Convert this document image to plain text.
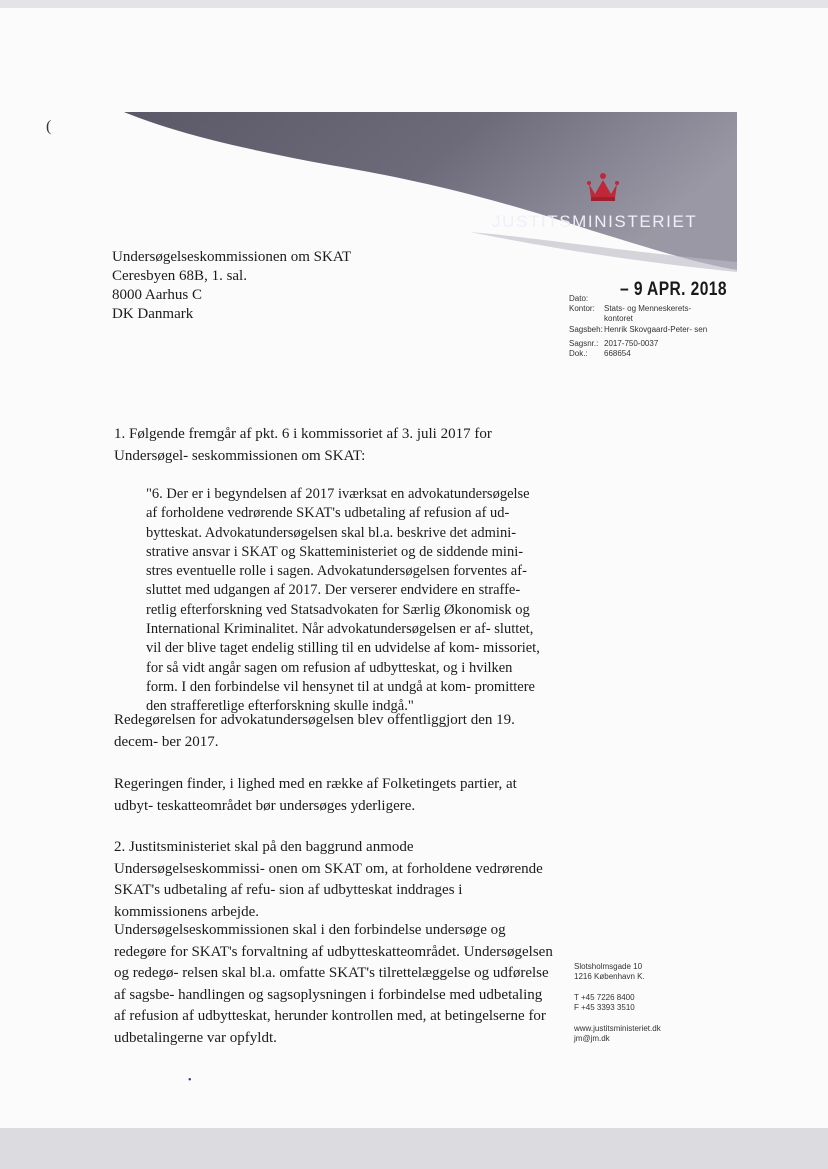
JUSTITSMINISTERIET
(
Undersøgelseskommissionen om SKAT
Ceresbyen 68B, 1. sal.
8000 Aarhus C
DK Danmark
– 9 APR. 2018
Dato:
Kontor:	Stats- og Menneskerets- kontoret
Sagsbeh: Henrik Skovgaard-Peter- sen
Sagsnr.: 2017-750-0037
Dok.:	668654

1. Følgende fremgår af pkt. 6 i kommissoriet af 3. juli 2017 for Undersøgel- seskommissionen om SKAT:

"6. Der er i begyndelsen af 2017 iværksat en advokatundersøgelse af forholdene vedrørende SKAT's udbetaling af refusion af ud- bytteskat. Advokatundersøgelsen skal bl.a. beskrive det admini- strative ansvar i SKAT og Skatteministeriet og de siddende mini- stres eventuelle rolle i sagen. Advokatundersøgelsen forventes af- sluttet med udgangen af 2017. Der verserer endvidere en straffe- retlig efterforskning ved Statsadvokaten for Særlig Økonomisk og International Kriminalitet. Når advokatundersøgelsen er af- sluttet, vil der blive taget endelig stilling til en udvidelse af kom- missoriet, for så vidt angår sagen om refusion af udbytteskat, og i hvilken form. I den forbindelse vil hensynet til at undgå at kom- promittere den strafferetlige efterforskning skulle indgå."
Redegørelsen for advokatundersøgelsen blev offentliggjort den 19. decem- ber 2017.
Regeringen finder, i lighed med en række af Folketingets partier, at udbyt- teskatteområdet bør undersøges yderligere.
2. Justitsministeriet skal på den baggrund anmode Undersøgelseskommissi- onen om SKAT om, at forholdene vedrørende SKAT's udbetaling af refu- sion af udbytteskat inddrages i kommissionens arbejde.
Undersøgelseskommissionen skal i den forbindelse undersøge og redegøre for SKAT's forvaltning af udbytteskatteområdet. Undersøgelsen og redegø- relsen skal bl.a. omfatte SKAT's tilrettelæggelse og udførelse af sagsbe- handlingen og sagsoplysningen i forbindelse med udbetaling af refusion af udbytteskat, herunder kontrollen med, at betingelserne for udbetalingerne var opfyldt.
Slotsholmsgade 10
1216 København K.
T +45 7226 8400
F +45 3393 3510
www.justitsministeriet.dk
jm@jm.dk
•
